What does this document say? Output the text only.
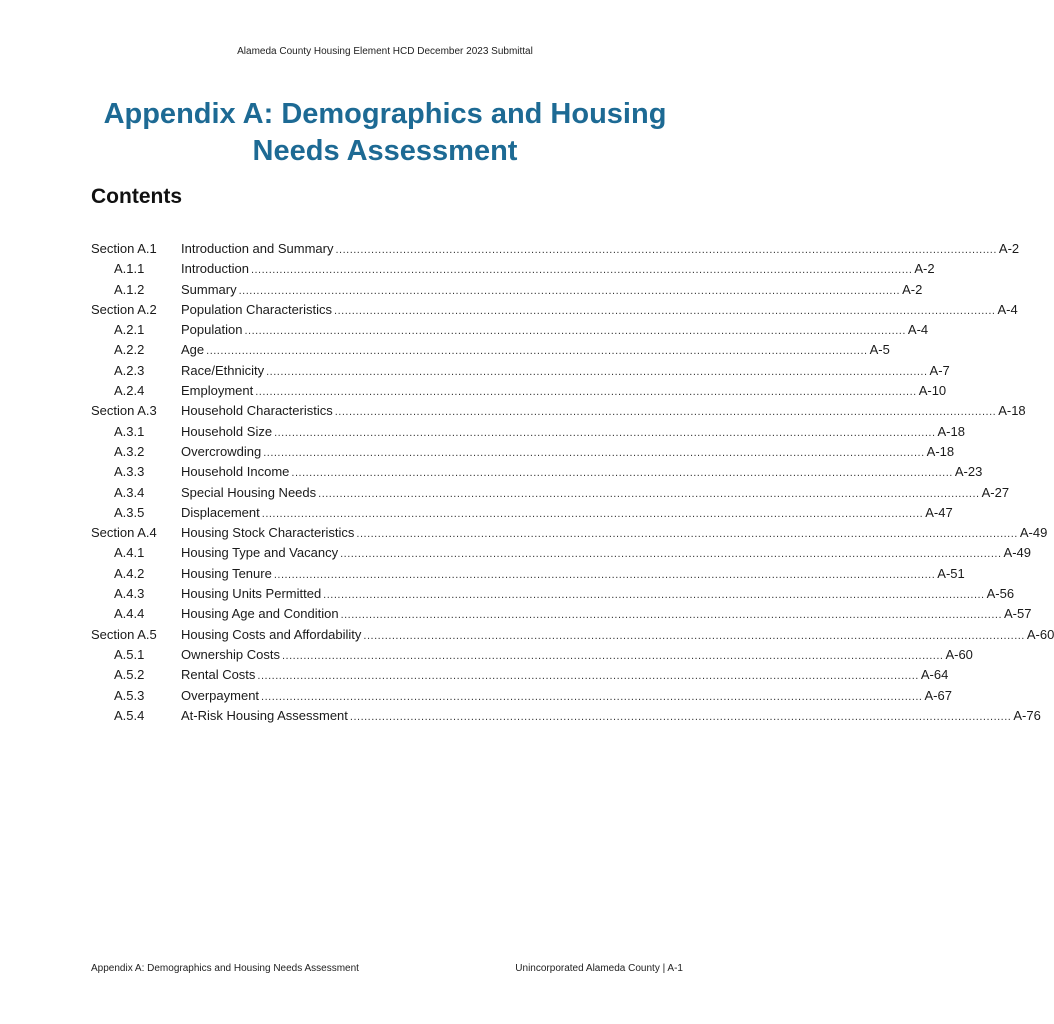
Alameda County Housing Element HCD December 2023 Submittal
Appendix A: Demographics and Housing
Needs Assessment
Contents
Section A.1	Introduction and Summary .......................................................................................................................................................................................... A-2
A.1.1	Introduction .......................................................................................................................................................................................... A-2
A.1.2	Summary .......................................................................................................................................................................................... A-2
Section A.2	Population Characteristics .......................................................................................................................................................................................... A-4
A.2.1	Population .......................................................................................................................................................................................... A-4
A.2.2	Age .......................................................................................................................................................................................... A-5
A.2.3	Race/Ethnicity .......................................................................................................................................................................................... A-7
A.2.4	Employment .......................................................................................................................................................................................... A-10
Section A.3	Household Characteristics .......................................................................................................................................................................................... A-18
A.3.1	Household Size .......................................................................................................................................................................................... A-18
A.3.2	Overcrowding .......................................................................................................................................................................................... A-18
A.3.3	Household Income .......................................................................................................................................................................................... A-23
A.3.4	Special Housing Needs .......................................................................................................................................................................................... A-27
A.3.5	Displacement .......................................................................................................................................................................................... A-47
Section A.4	Housing Stock Characteristics .......................................................................................................................................................................................... A-49
A.4.1	Housing Type and Vacancy .......................................................................................................................................................................................... A-49
A.4.2	Housing Tenure .......................................................................................................................................................................................... A-51
A.4.3	Housing Units Permitted .......................................................................................................................................................................................... A-56
A.4.4	Housing Age and Condition .......................................................................................................................................................................................... A-57
Section A.5	Housing Costs and Affordability .......................................................................................................................................................................................... A-60
A.5.1	Ownership Costs .......................................................................................................................................................................................... A-60
A.5.2	Rental Costs .......................................................................................................................................................................................... A-64
A.5.3	Overpayment .......................................................................................................................................................................................... A-67
A.5.4	At-Risk Housing Assessment .......................................................................................................................................................................................... A-76
Appendix A: Demographics and Housing Needs Assessment	Unincorporated Alameda County | A-1
